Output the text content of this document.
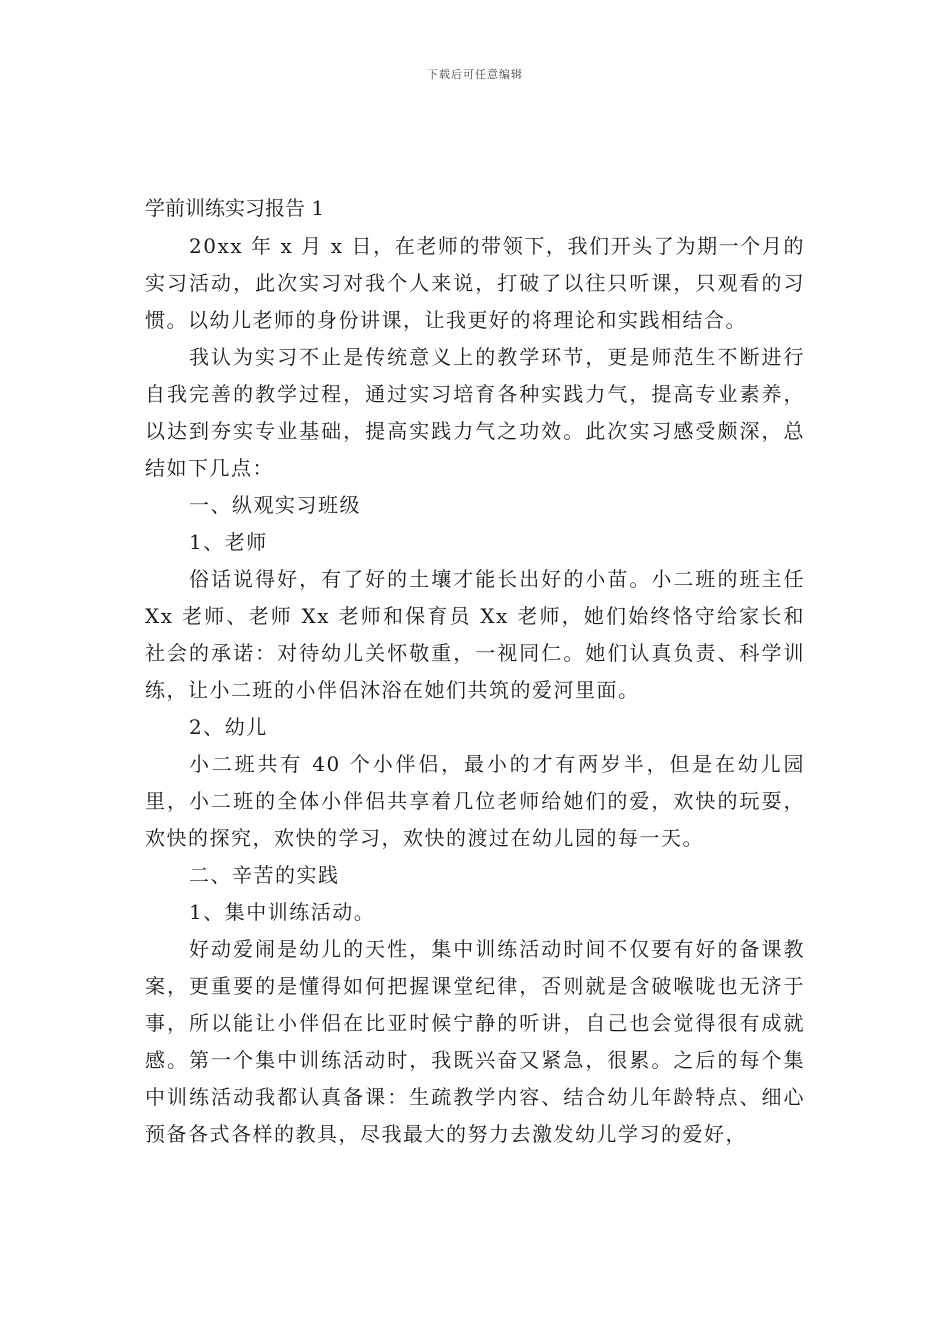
下载后可任意编辑
学前训练实习报告 1

20xx 年 x 月 x 日，在老师的带领下，我们开头了为期一个月的实习活动，此次实习对我个人来说，打破了以往只听课，只观看的习惯。以幼儿老师的身份讲课，让我更好的将理论和实践相结合。

我认为实习不止是传统意义上的教学环节，更是师范生不断进行自我完善的教学过程，通过实习培育各种实践力气，提高专业素养，以达到夯实专业基础，提高实践力气之功效。此次实习感受颇深，总结如下几点：

一、纵观实习班级

1、老师

俗话说得好，有了好的土壤才能长出好的小苗。小二班的班主任 Xx 老师、老师 Xx 老师和保育员 Xx 老师，她们始终恪守给家长和社会的承诺：对待幼儿关怀敬重，一视同仁。她们认真负责、科学训练，让小二班的小伴侣沐浴在她们共筑的爱河里面。

2、幼儿

小二班共有 40 个小伴侣，最小的才有两岁半，但是在幼儿园里，小二班的全体小伴侣共享着几位老师给她们的爱，欢快的玩耍，欢快的探究，欢快的学习，欢快的渡过在幼儿园的每一天。

二、辛苦的实践

1、集中训练活动。

好动爱闹是幼儿的天性，集中训练活动时间不仅要有好的备课教案，更重要的是懂得如何把握课堂纪律，否则就是含破喉咙也无济于事，所以能让小伴侣在比亚时候宁静的听讲，自己也会觉得很有成就感。第一个集中训练活动时，我既兴奋又紧急，很累。之后的每个集中训练活动我都认真备课：生疏教学内容、结合幼儿年龄特点、细心预备各式各样的教具，尽我最大的努力去激发幼儿学习的爱好，
